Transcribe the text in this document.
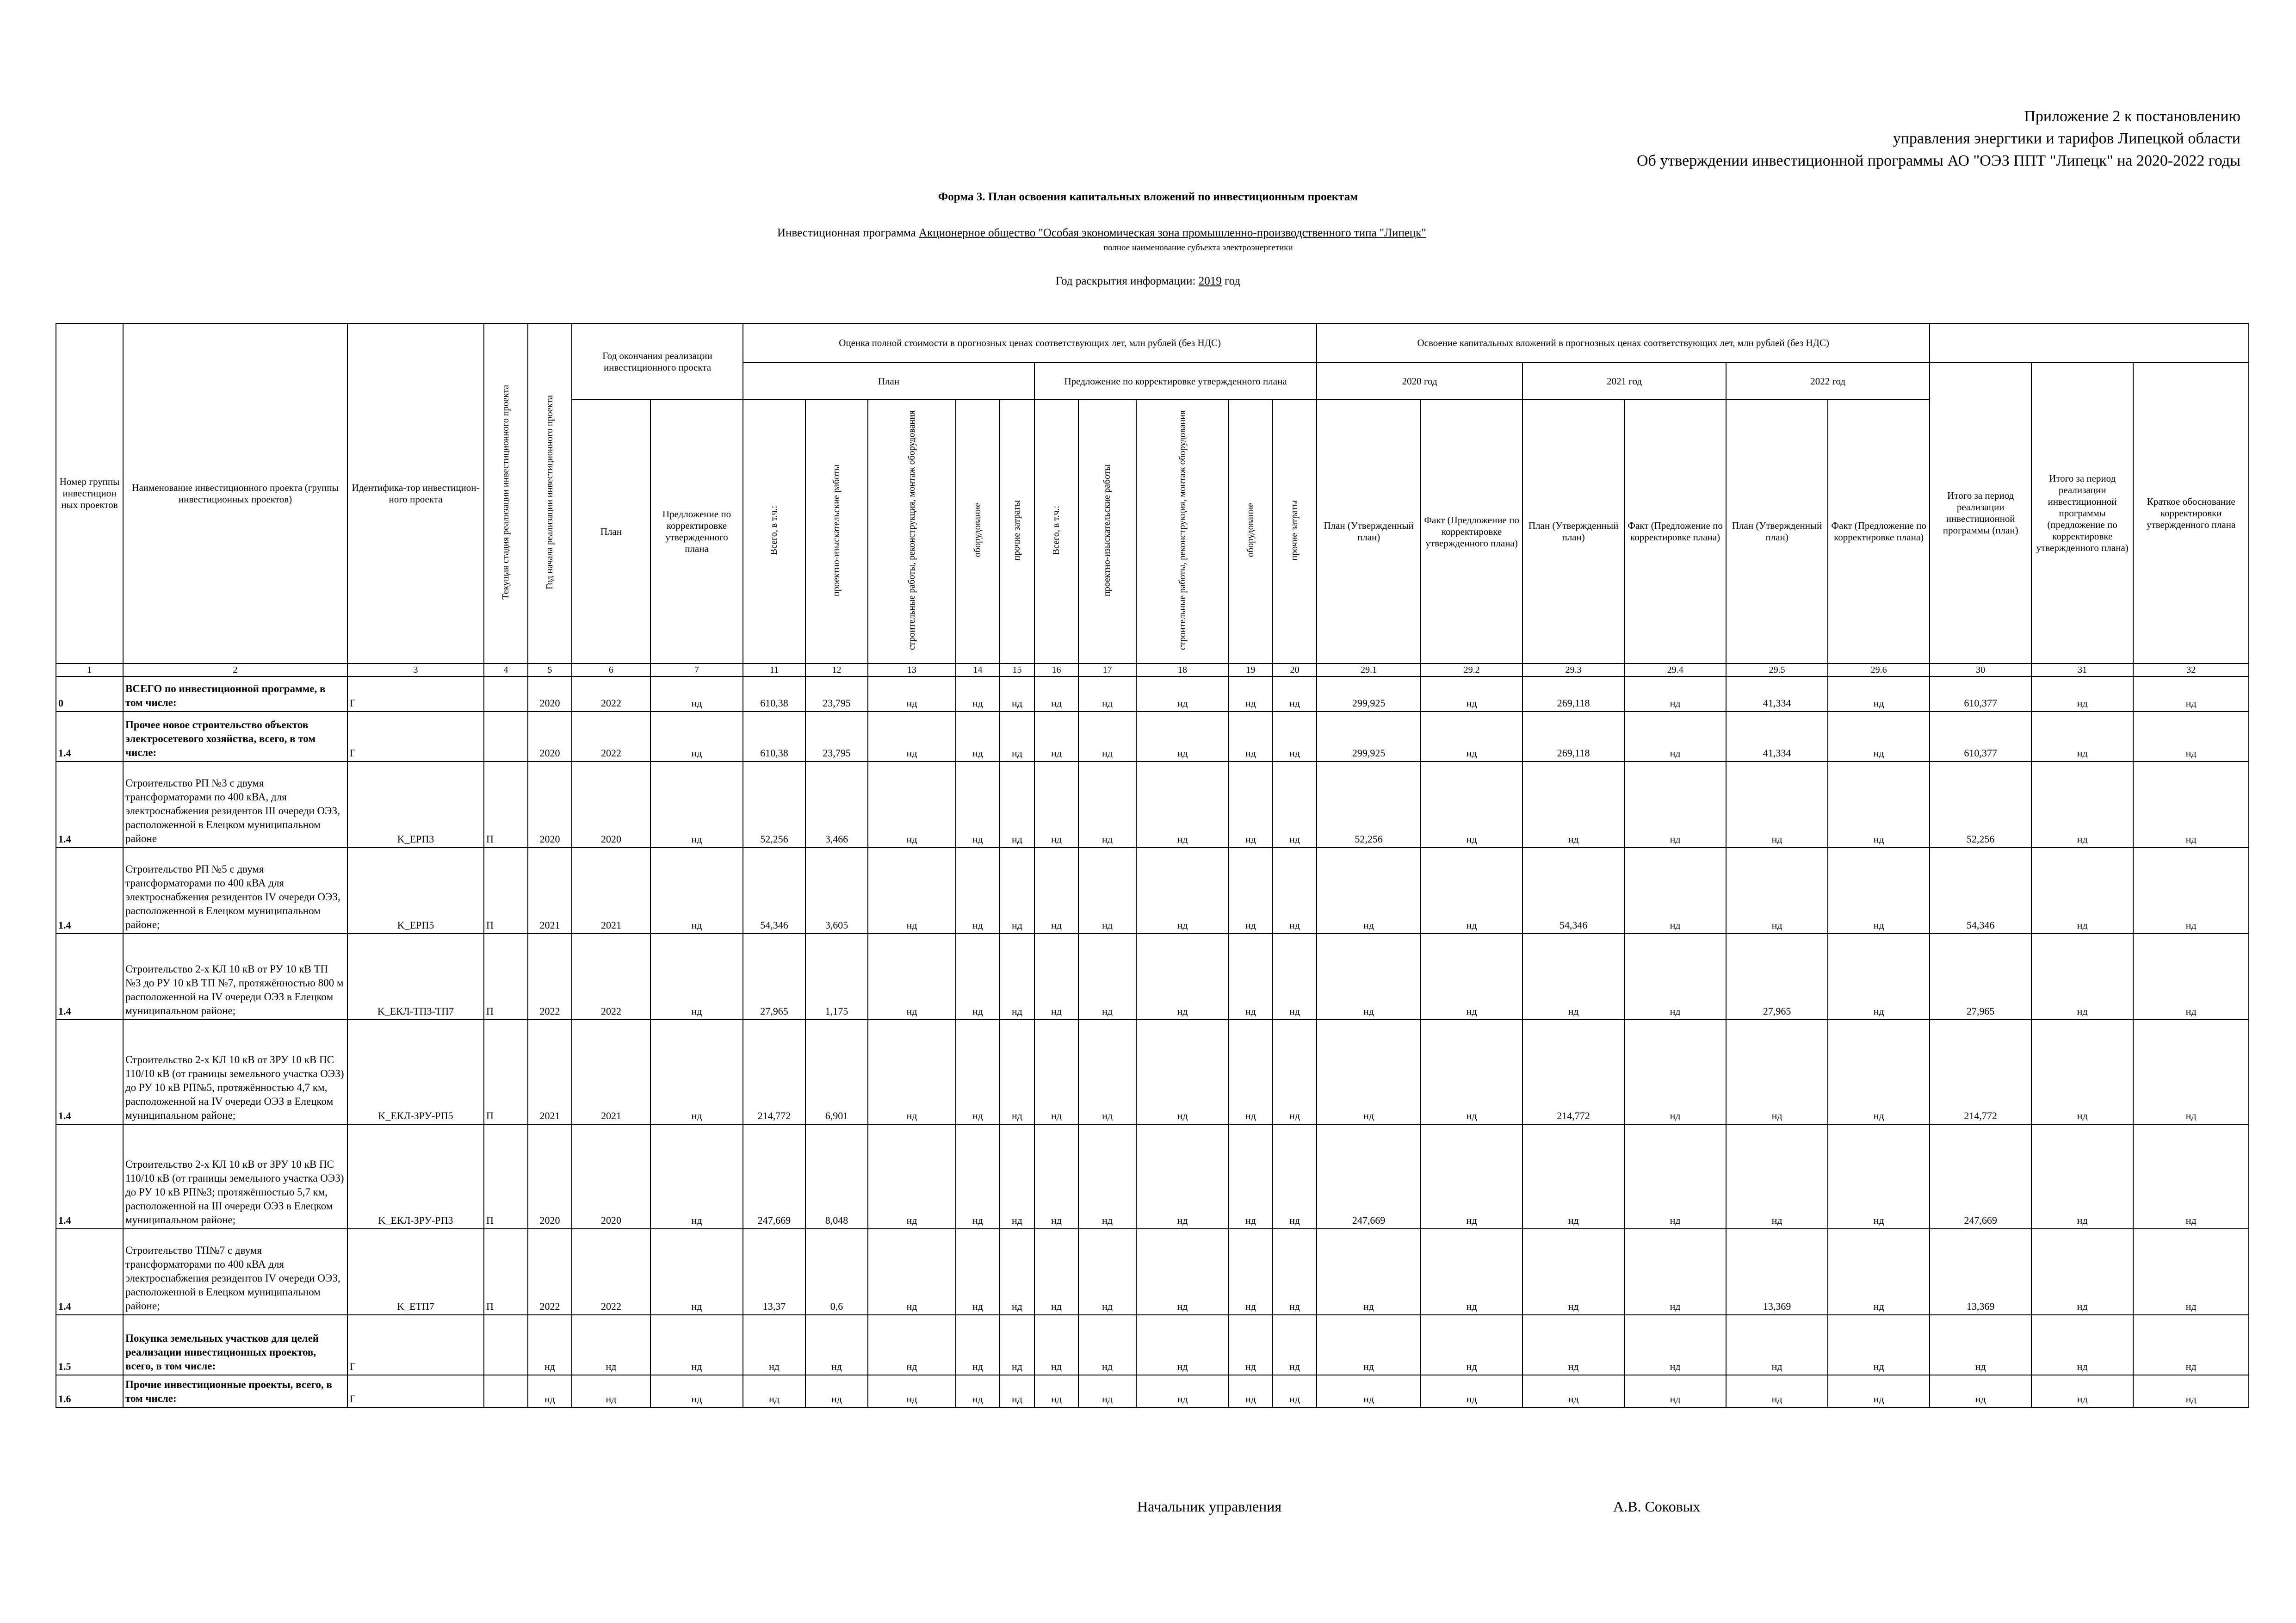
Приложение 2 к постановлению
управления энергтики и тарифов Липецкой области
Об утверждении инвестиционной программы АО "ОЭЗ ППТ "Липецк" на 2020-2022 годы
Форма 3. План освоения капитальных вложений по инвестиционным проектам
Инвестиционная программа Акционерное общество "Особая экономическая зона промышленно-производственного типа "Липецк"
полное наименование субъекта электроэнергетики
Год раскрытия информации: 2019 год
Номер группы инвестицион ных проектов	Наименование инвестиционного проекта (группы инвестиционных проектов)	Идентифика-тор инвестицион-ного проекта	Текущая стадия реализации инвестиционного проекта	Год начала реализации инвестиционного проекта	Год окончания реализации инвестиционного проекта		Оценка полной стоимости в прогнозных ценах соответствующих лет, млн рублей (без НДС)										Освоение капитальных вложений в прогнозных ценах соответствующих лет, млн рублей (без НДС)								
							План					Предложение по корректировке утвержденного плана					2020 год		2021 год		2022 год		Итого за период реализации инвестиционной программы (план)	Итого за период реализации инвестиционной программы (предложение по корректировке утвержденного плана)	Краткое обоснование корректировки утвержденного плана
					План	Предложение по корректировке утвержденного плана	Всего, в т.ч.:	проектно-изыскательские работы	строительные работы, реконструкция, монтаж оборудования	оборудование	прочие затраты	Всего, в т.ч.:	проектно-изыскательские работы	строительные работы, реконструкция, монтаж оборудования	оборудование	прочие затраты	План (Утвержденный план)	Факт (Предложение по корректировке утвержденного плана)	План (Утвержденный план)	Факт (Предложение по корректировке плана)	План (Утвержденный план)	Факт (Предложение по корректировке плана)			
1	2	3	4	5	6	7	11	12	13	14	15	16	17	18	19	20	29.1	29.2	29.3	29.4	29.5	29.6	30	31	32
0	ВСЕГО по инвестиционной программе, в том числе:	Г		2020	2022	нд	610,38	23,795	нд	нд	нд	нд	нд	нд	нд	нд	299,925	нд	269,118	нд	41,334	нд	610,377	нд	нд
1.4	Прочее новое строительство объектов электросетевого хозяйства, всего, в том числе:	Г		2020	2022	нд	610,38	23,795	нд	нд	нд	нд	нд	нд	нд	нд	299,925	нд	269,118	нд	41,334	нд	610,377	нд	нд
1.4	Строительство РП №3 с двумя трансформаторами по 400 кВА, для электроснабжения резидентов III очереди ОЭЗ, расположенной в Елецком муниципальном районе	K_ЕРП3	П	2020	2020	нд	52,256	3,466	нд	нд	нд	нд	нд	нд	нд	нд	52,256	нд	нд	нд	нд	нд	52,256	нд	нд
1.4	Строительство РП №5 с двумя трансформаторами по 400 кВА для электроснабжения резидентов IV очереди ОЭЗ, расположенной в Елецком муниципальном районе;	K_ЕРП5	П	2021	2021	нд	54,346	3,605	нд	нд	нд	нд	нд	нд	нд	нд	нд	нд	54,346	нд	нд	нд	54,346	нд	нд
1.4	Строительство 2-х КЛ 10 кВ от РУ 10 кВ ТП №3 до РУ 10 кВ ТП №7, протяжённостью 800 м расположенной на IV очереди ОЭЗ в Елецком муниципальном районе;	K_ЕКЛ-ТП3-ТП7	П	2022	2022	нд	27,965	1,175	нд	нд	нд	нд	нд	нд	нд	нд	нд	нд	нд	нд	27,965	нд	27,965	нд	нд
1.4	Строительство 2-х КЛ 10 кВ от ЗРУ 10 кВ ПС 110/10 кВ (от границы земельного участка ОЭЗ) до РУ 10 кВ РП№5, протяжённостью 4,7 км, расположенной на IV очереди ОЭЗ в Елецком муниципальном районе;	K_ЕКЛ-ЗРУ-РП5	П	2021	2021	нд	214,772	6,901	нд	нд	нд	нд	нд	нд	нд	нд	нд	нд	214,772	нд	нд	нд	214,772	нд	нд
1.4	Строительство 2-х КЛ 10 кВ от ЗРУ 10 кВ ПС 110/10 кВ (от границы земельного участка ОЭЗ) до РУ 10 кВ РП№3; протяжённостью 5,7 км, расположенной на III очереди ОЭЗ в Елецком муниципальном районе;	K_ЕКЛ-ЗРУ-РП3	П	2020	2020	нд	247,669	8,048	нд	нд	нд	нд	нд	нд	нд	нд	247,669	нд	нд	нд	нд	нд	247,669	нд	нд
1.4	Строительство ТП№7 с двумя трансформаторами по 400 кВА для электроснабжения резидентов IV очереди ОЭЗ, расположенной в Елецком муниципальном районе;	K_ЕТП7	П	2022	2022	нд	13,37	0,6	нд	нд	нд	нд	нд	нд	нд	нд	нд	нд	нд	нд	13,369	нд	13,369	нд	нд
1.5	Покупка земельных участков для целей реализации инвестиционных проектов, всего, в том числе:	Г		нд	нд	нд	нд	нд	нд	нд	нд	нд	нд	нд	нд	нд	нд	нд	нд	нд	нд	нд	нд	нд	нд
1.6	Прочие инвестиционные проекты, всего, в том числе:	Г		нд	нд	нд	нд	нд	нд	нд	нд	нд	нд	нд	нд	нд	нд	нд	нд	нд	нд	нд	нд	нд	нд
Начальник управления	А.В. Соковых
